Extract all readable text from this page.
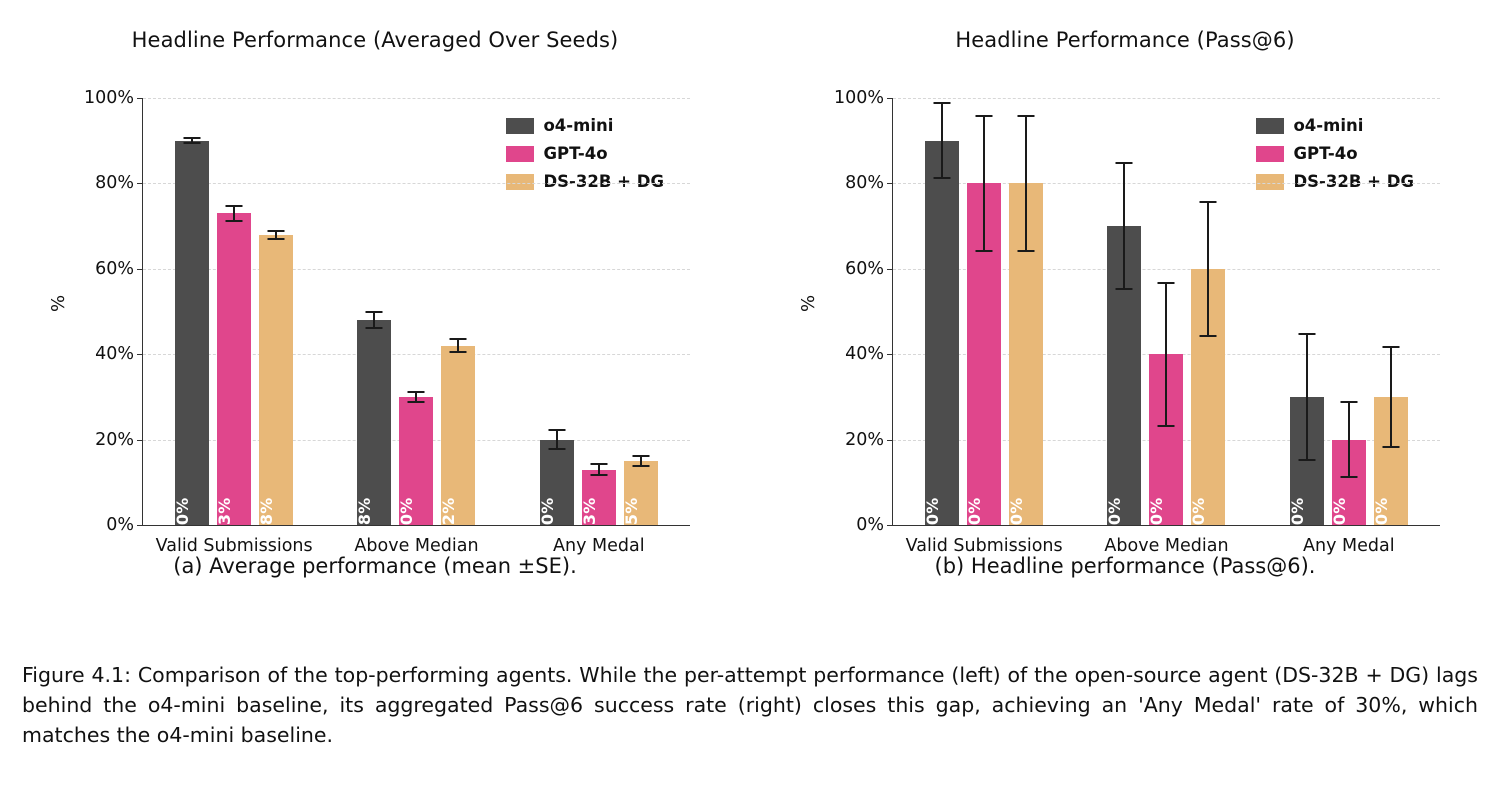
Headline Performance (Averaged Over Seeds)
%
o4-mini
GPT-4o
DS-32B + DG
0%
20%
40%
60%
80%
100%
90% 73% 68%
Valid Submissions
48% 30% 42%
Above Median
20% 13% 15%
Any Medal
(a) Average performance (mean ±SE).
Headline Performance (Pass@6)
%
o4-mini
GPT-4o
DS-32B + DG
0%
20%
40%
60%
80%
100%
90% 80% 80%
Valid Submissions
70% 40% 60%
Above Median
30% 20% 30%
Any Medal
(b) Headline performance (Pass@6).
Figure 4.1: Comparison of the top-performing agents. While the per-attempt performance (left) of the open-source agent (DS-32B + DG) lags behind the o4-mini baseline, its aggregated Pass@6 success rate (right) closes this gap, achieving an 'Any Medal' rate of 30%, which matches the o4-mini baseline.
